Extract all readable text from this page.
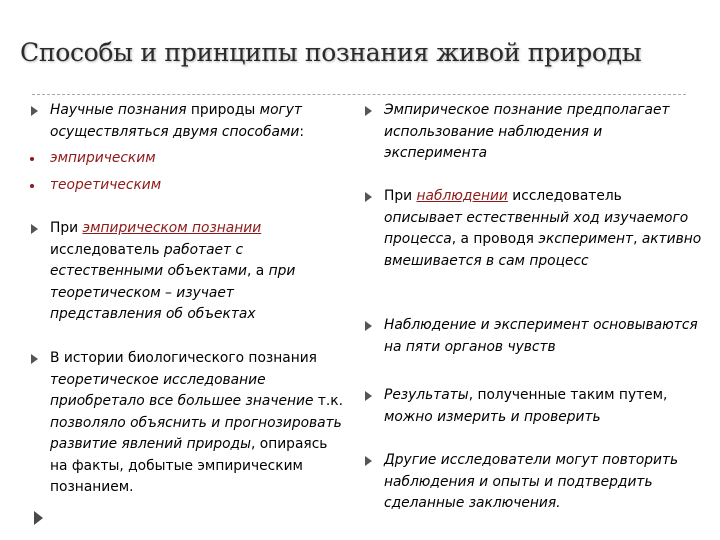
Способы и принципы познания живой природы
Научные познания природы могут осуществляться двумя способами:
эмпирическим
теоретическим
При эмпирическом познании исследователь работает с естественными объектами, а при теоретическом – изучает представления об объектах
В истории биологического познания теоретическое исследование приобретало все большее значение т.к. позволяло объяснить и прогнозировать развитие явлений природы, опираясь на факты, добытые эмпирическим познанием.
Эмпирическое познание предполагает использование наблюдения и эксперимента
При наблюдении исследователь описывает естественный ход изучаемого процесса, а проводя эксперимент, активно вмешивается в сам процесс
Наблюдение и эксперимент основываются на пяти органов чувств
Результаты, полученные таким путем, можно измерить и проверить
Другие исследователи могут повторить наблюдения и опыты и подтвердить сделанные заключения.
